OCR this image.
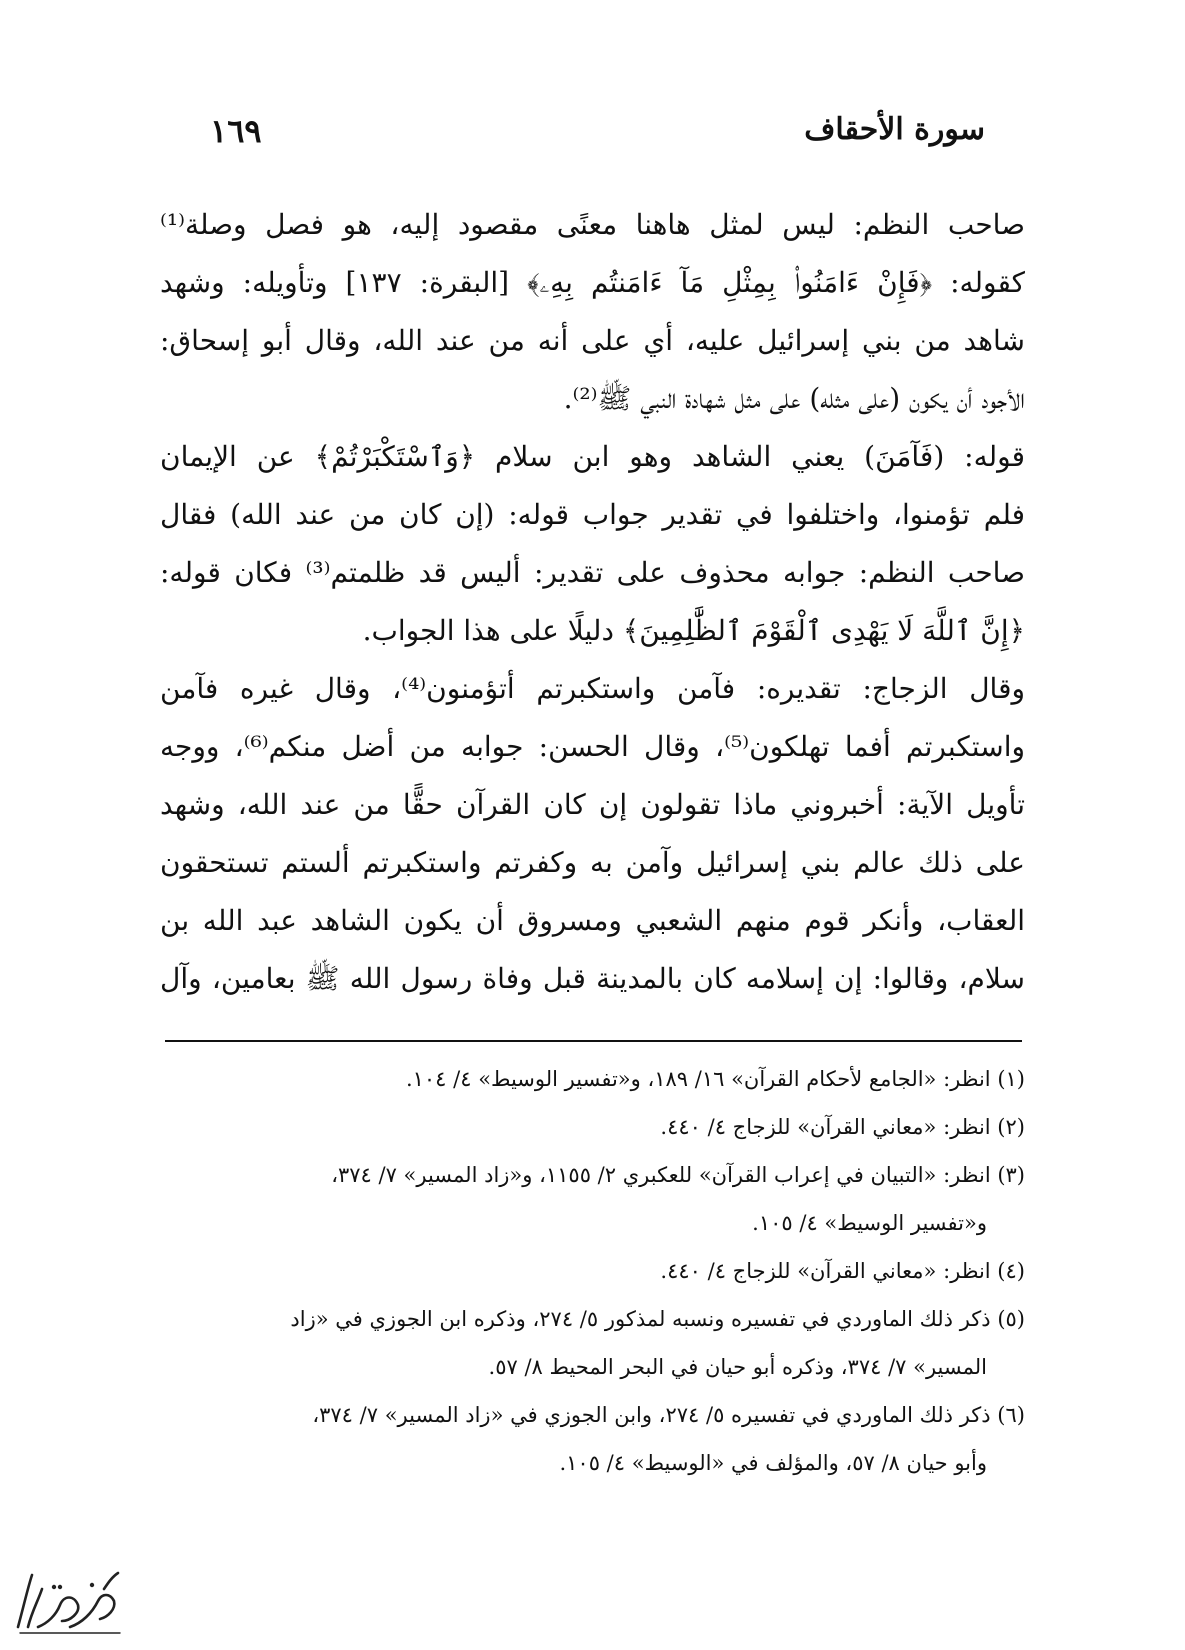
سورة الأحقاف
١٦٩
صاحب النظم: ليس لمثل هاهنا معنًى مقصود إليه، هو فصل وصلة⁽¹⁾
كقوله: ﴿فَإِنْ ءَامَنُوا۟ بِمِثْلِ مَآ ءَامَنتُم بِهِۦ﴾ [البقرة: ١٣٧] وتأويله: وشهد
شاهد من بني إسرائيل عليه، أي على أنه من عند الله، وقال أبو إسحاق:
الأجود أن يكون (على مثله) على مثل شهادة النبي ﷺ⁽²⁾.
قوله: (فَآمَنَ) يعني الشاهد وهو ابن سلام ﴿وَٱسْتَكْبَرْتُمْ﴾ عن الإيمان
فلم تؤمنوا، واختلفوا في تقدير جواب قوله: (إن كان من عند الله) فقال
صاحب النظم: جوابه محذوف على تقدير: أليس قد ظلمتم⁽³⁾ فكان قوله:
﴿إِنَّ ٱللَّهَ لَا يَهْدِى ٱلْقَوْمَ ٱلظَّٰلِمِينَ﴾ دليلًا على هذا الجواب.
وقال الزجاج: تقديره: فآمن واستكبرتم أتؤمنون⁽⁴⁾، وقال غيره فآمن
واستكبرتم أفما تهلكون⁽⁵⁾، وقال الحسن: جوابه من أضل منكم⁽⁶⁾، ووجه
تأويل الآية: أخبروني ماذا تقولون إن كان القرآن حقًّا من عند الله، وشهد
على ذلك عالم بني إسرائيل وآمن به وكفرتم واستكبرتم ألستم تستحقون
العقاب، وأنكر قوم منهم الشعبي ومسروق أن يكون الشاهد عبد الله بن
سلام، وقالوا: إن إسلامه كان بالمدينة قبل وفاة رسول الله ﷺ بعامين، وآل
(١) انظر: «الجامع لأحكام القرآن» ١٦/ ١٨٩، و«تفسير الوسيط» ٤/ ١٠٤.
(٢) انظر: «معاني القرآن» للزجاج ٤/ ٤٤٠.
(٣) انظر: «التبيان في إعراب القرآن» للعكبري ٢/ ١١٥٥، و«زاد المسير» ٧/ ٣٧٤،
و«تفسير الوسيط» ٤/ ١٠٥.
(٤) انظر: «معاني القرآن» للزجاج ٤/ ٤٤٠.
(٥) ذكر ذلك الماوردي في تفسيره ونسبه لمذكور ٥/ ٢٧٤، وذكره ابن الجوزي في «زاد
المسير» ٧/ ٣٧٤، وذكره أبو حيان في البحر المحيط ٨/ ٥٧.
(٦) ذكر ذلك الماوردي في تفسيره ٥/ ٢٧٤، وابن الجوزي في «زاد المسير» ٧/ ٣٧٤،
وأبو حيان ٨/ ٥٧، والمؤلف في «الوسيط» ٤/ ١٠٥.
